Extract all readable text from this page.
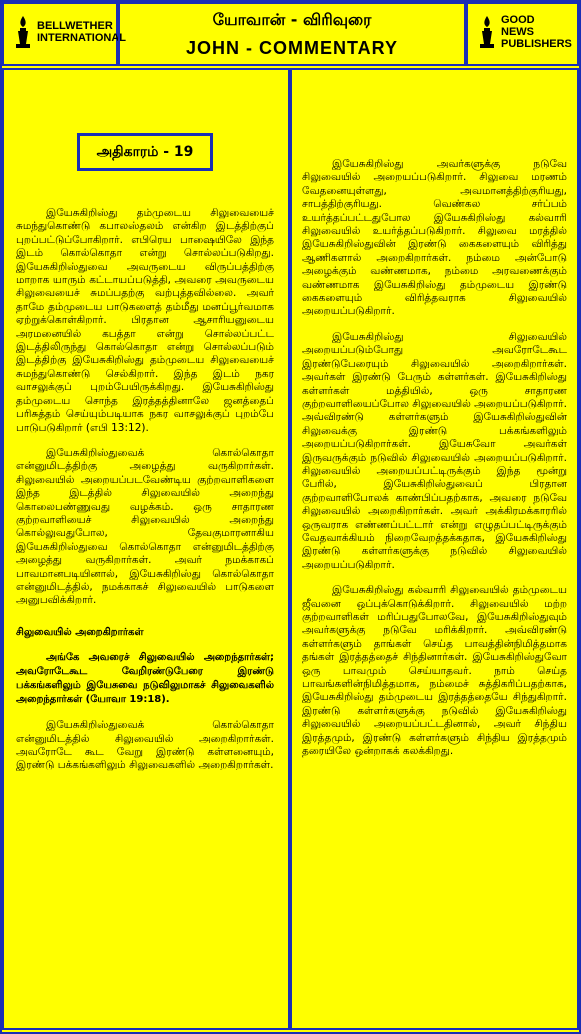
BELLWETHER INTERNATIONAL
யோவான் - விரிவுரை
JOHN - COMMENTARY
GOOD NEWS PUBLISHERS
அதிகாரம் - 19

இயேசுகிறிஸ்து தம்முடைய சிலுவையைச் சுமந்துகொண்டு கபாலஸ்தலம் என்கிற இடத்திற்குப் புறப்பட்டுப்போகிறார். எபிரெய பாஷையிலே இந்த இடம் கொல்கொதா என்று சொல்லப்படுகிறது. இயேசுகிறிஸ்துவை அவருடைய விருப்பத்திற்கு மாறாக யாரும் கட்டாயப்படுத்தி, அவரை அவருடைய சிலுவையைச் சுமப்பதற்கு வற்புத்தவில்லை. அவர் தாமே தம்முடைய பாடுகளைத் தம்மீது மனப்பூர்வமாக ஏற்றுக்கொள்கிறார். பிரதான ஆசாரியனுடைய அரமனையில் கபத்தா என்று சொல்லப்பட்ட இடத்திலிருந்து கொல்கொதா என்று சொல்லப்படும் இடத்திற்கு இயேசுகிறிஸ்து தம்முடைய சிலுவையைச் சுமந்துகொண்டு செல்கிறார். இந்த இடம் நகர வாசலுக்குப் புறம்பேயிருக்கிறது. இயேசுகிறிஸ்து தம்முடைய சொந்த இரத்தத்தினாலே ஜனத்தைப் பரிசுத்தம் செய்யும்படியாக நகர வாசலுக்குப் புறம்பே பாடுபடுகிறார் (எபி 13:12).

இயேசுகிறிஸ்துவைக் கொல்கொதா என்னுமிடத்திற்கு அழைத்து வருகிறார்கள். சிலுவையில் அறையப்படவேண்டிய குற்றவாளிகளை இந்த இடத்தில் சிலுவையில் அறைந்து கொலைபண்ணுவது வழக்கம். ஒரு சாதாரண குற்றவாளியைச் சிலுவையில் அறைந்து கொல்லுவதுபோல, தேவகுமாரனாகிய இயேசுகிறிஸ்துவை கொல்கொதா என்னுமிடத்திற்கு அழைத்து வருகிறார்கள். அவர் நமக்காகப் பாவமானபடியினால், இயேசுகிறிஸ்து கொல்கொதா என்னுமிடத்தில், நமக்காகச் சிலுவையில் பாடுகளை அனுபவிக்கிறார்.

சிலுவையில் அறைகிறார்கள்

அங்கே அவரைச் சிலுவையில் அறைந்தார்கள்; அவரோடேகூட வேறிரண்டுபேரை இரண்டு பக்கங்களிலும் இயேசுவை நடுவிலுமாகச் சிலுவைகளில் அறைந்தார்கள் (யோவா 19:18).

இயேசுகிறிஸ்துவைக் கொல்கொதா என்னுமிடத்தில் சிலுவையில் அறைகிறார்கள். அவரோடே கூட வேறு இரண்டு கள்ளனையும், இரண்டு பக்கங்களிலும் சிலுவைகளில் அறைகிறார்கள்.

இயேசுகிறிஸ்து அவர்களுக்கு நடுவே சிலுவையில் அறையப்படுகிறார். சிலுவை மரணம் வேதனையுள்ளது, அவமானத்திற்குரியது, சாபத்திற்குரியது. வெண்கல சர்ப்பம் உயர்த்தப்பட்டதுபோல இயேசுகிறிஸ்து கல்வாரி சிலுவையில் உயர்த்தப்படுகிறார். சிலுவை மரத்தில் இயேசுகிறிஸ்துவின் இரண்டு கைகளையும் விரித்து ஆணிகளால் அறைகிறார்கள். நம்மை அன்போடு அழைக்கும் வண்ணமாக, நம்மை அரவணைக்கும் வண்ணமாக இயேசுகிறிஸ்து தம்முடைய இரண்டு கைகளையும் விரித்தவராக சிலுவையில் அறையப்படுகிறார்.

இயேசுகிறிஸ்து சிலுவையில் அறையப்படும்போது அவரோடேகூட இரண்டுபேரையும் சிலுவையில் அறைகிறார்கள். அவர்கள் இரண்டு பேரும் கள்ளர்கள். இயேசுகிறிஸ்து கள்ளர்கள் மத்தியில், ஒரு சாதாரண குற்றவாளியைப்போல சிலுவையில் அறையப்படுகிறார். அவ்விரண்டு கள்ளர்களும் இயேசுகிறிஸ்துவின் சிலுவைக்கு இரண்டு பக்கங்களிலும் அறையப்படுகிறார்கள். இயேசுவோ அவர்கள் இருவருக்கும் நடுவில் சிலுவையில் அறையப்படுகிறார். சிலுவையில் அறையப்பட்டிருக்கும் இந்த மூன்று பேரில், இயேசுகிறிஸ்துவைப் பிரதான குற்றவாளிபோலக் காண்பிப்பதற்காக, அவரை நடுவே சிலுவையில் அறைகிறார்கள். அவர் அக்கிரமக்காரரில் ஒருவராக எண்ணப்பட்டார் என்று எழுதப்பட்டிருக்கும் வேதவாக்கியம் நிறைவேறத்தக்கதாக, இயேசுகிறிஸ்து இரண்டு கள்ளர்களுக்கு நடுவில் சிலுவையில் அறையப்படுகிறார்.

இயேசுகிறிஸ்து கல்வாரி சிலுவையில் தம்முடைய ஜீவனை ஒப்புக்கொடுக்கிறார். சிலுவையில் மற்ற குற்றவாளிகள் மரிப்பதுபோலவே, இயேசுகிறிஸ்துவும் அவர்களுக்கு நடுவே மரிக்கிறார். அவ்விரண்டு கள்ளர்களும் தாங்கள் செய்த பாவத்தின்நிமித்தமாக தங்கள் இரத்தத்தைச் சிந்தினார்கள். இயேசுகிறிஸ்துவோ ஒரு பாவமும் செய்யாதவர். நாம் செய்த பாவங்களின்நிமித்தமாக, நம்மைச் சுத்திகரிப்பதற்காக, இயேசுகிறிஸ்து தம்முடைய இரத்தத்தையே சிந்துகிறார். இரண்டு கள்ளர்களுக்கு நடுவில் இயேசுகிறிஸ்து சிலுவையில் அறையப்பட்டதினால், அவர் சிந்திய இரத்தமும், இரண்டு கள்ளர்களும் சிந்திய இரத்தமும் தரையிலே ஒன்றாகக் கலக்கிறது.
